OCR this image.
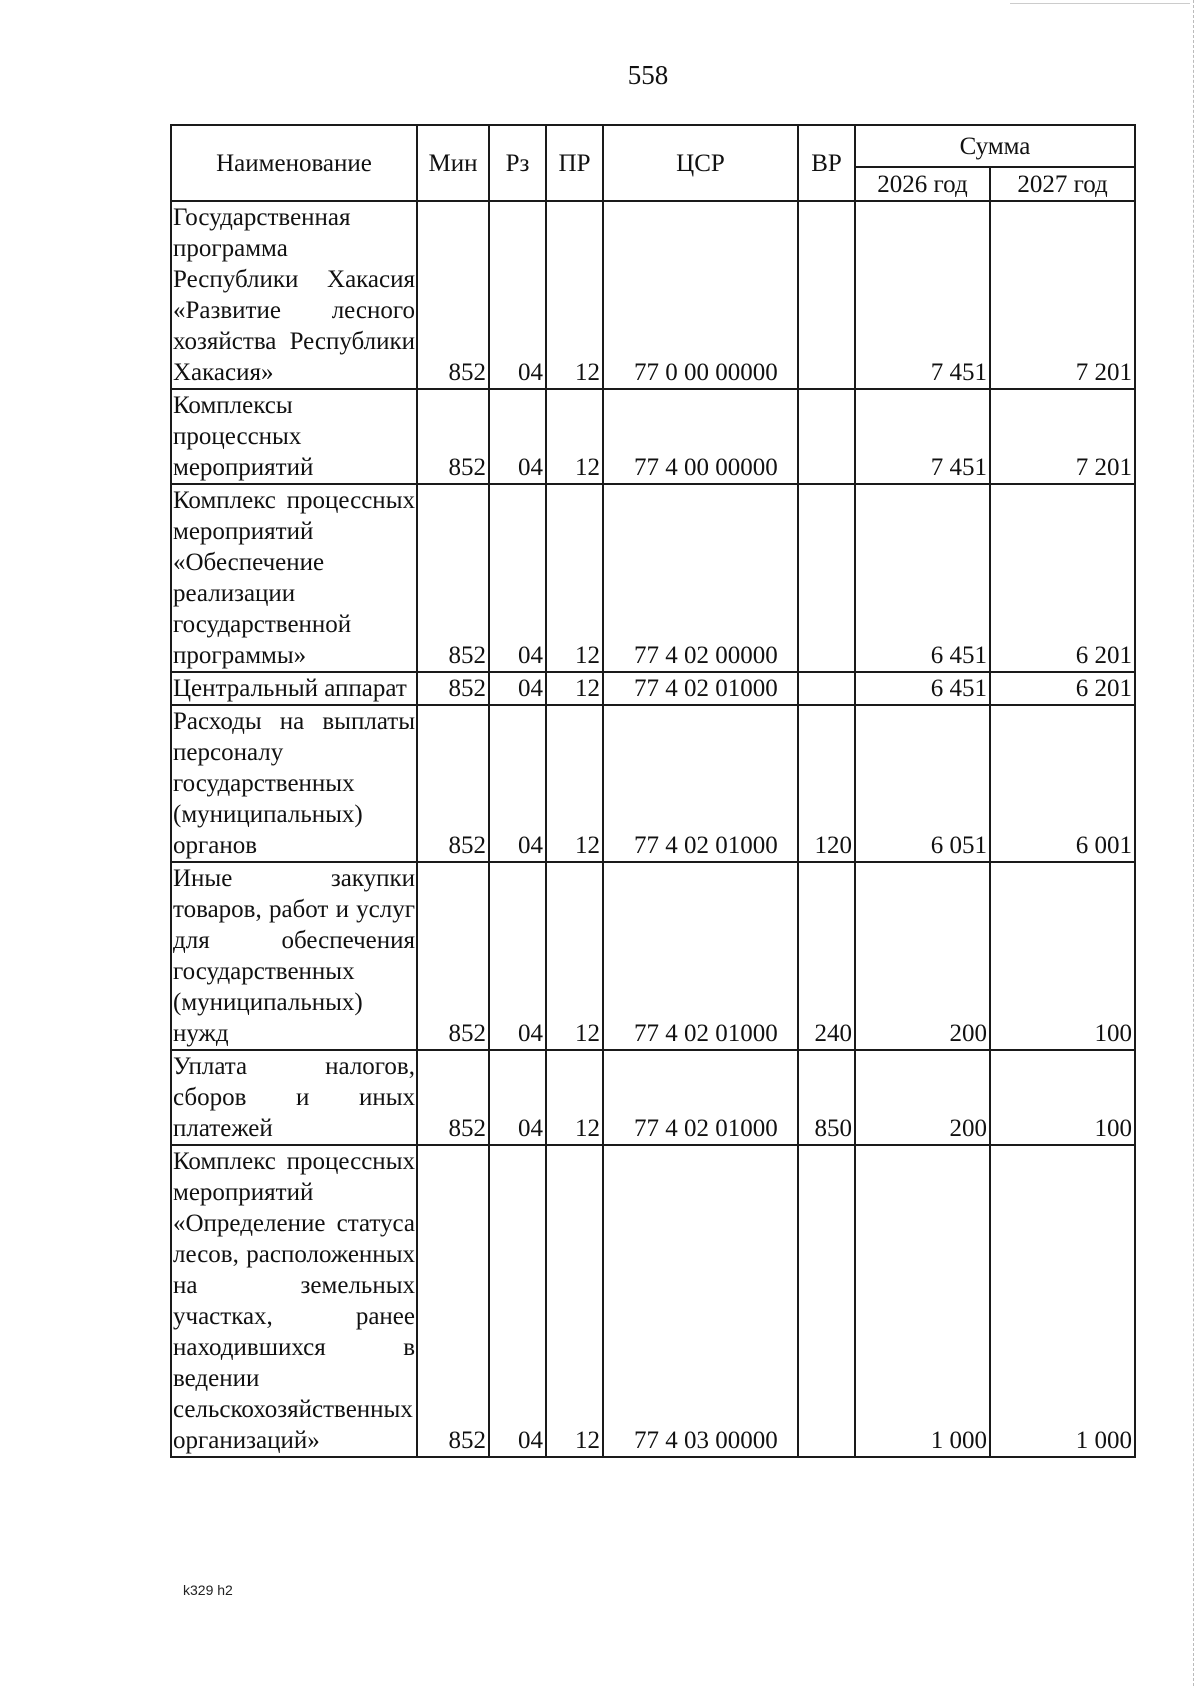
558
Наименование	Мин	Рз	ПР	ЦСР	ВР	Сумма	
						2026 год	2027 год
Государственная программа Республики Хакасия «Развитие лесного хозяйства Республики Хакасия»	852	04	12	77 0 00 00000		7 451	7 201
Комплексы процессных мероприятий	852	04	12	77 4 00 00000		7 451	7 201
Комплекс процессных мероприятий «Обеспечение реализации государственной программы»	852	04	12	77 4 02 00000		6 451	6 201
Центральный аппарат	852	04	12	77 4 02 01000		6 451	6 201
Расходы на выплаты персоналу государственных (муниципальных) органов	852	04	12	77 4 02 01000	120	6 051	6 001
Иные закупки товаров, работ и услуг для обеспечения государственных (муниципальных) нужд	852	04	12	77 4 02 01000	240	200	100
Уплата налогов, сборов и иных платежей	852	04	12	77 4 02 01000	850	200	100
Комплекс процессных мероприятий «Определение статуса лесов, расположенных на земельных участках, ранее находившихся в ведении сельскохозяйственных организаций»	852	04	12	77 4 03 00000		1 000	1 000
k329 h2
